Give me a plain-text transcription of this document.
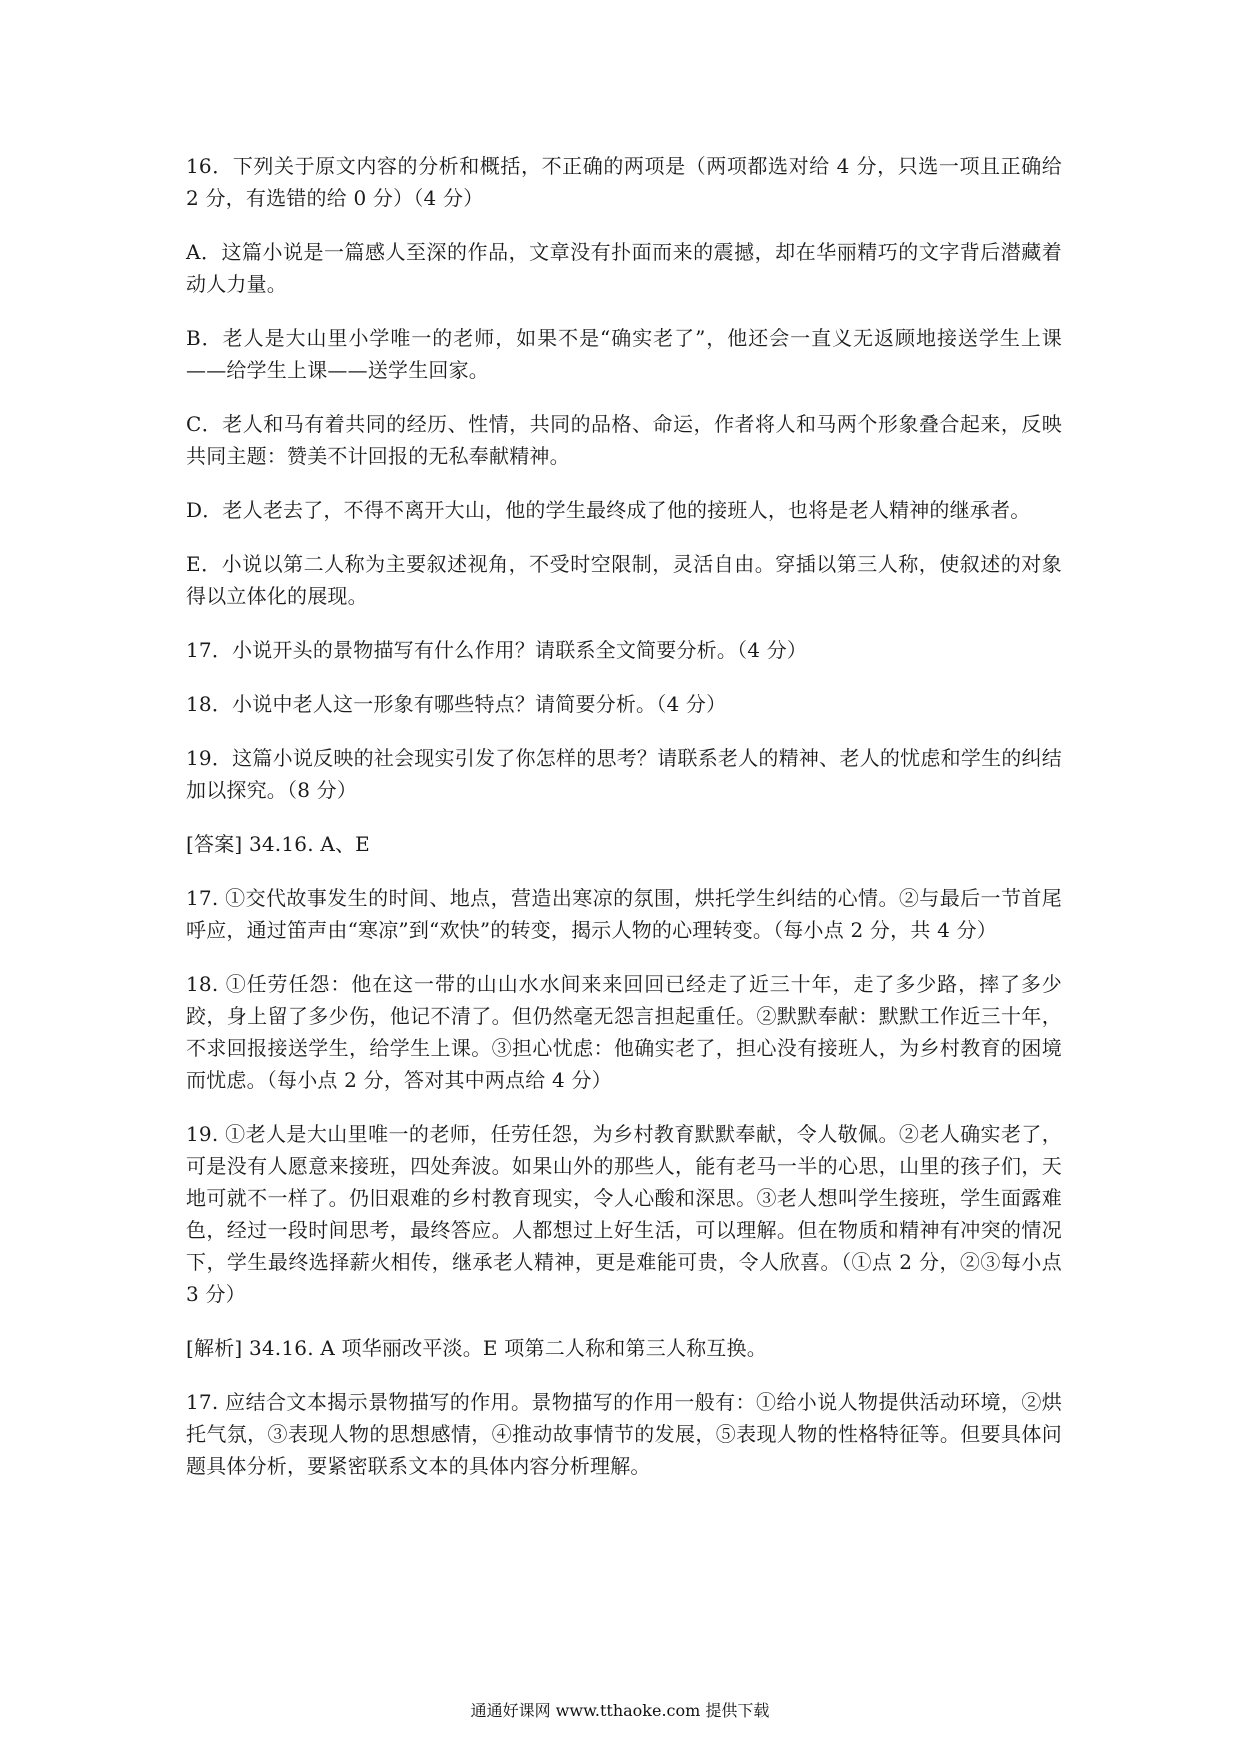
16．下列关于原文内容的分析和概括，不正确的两项是（两项都选对给 4 分，只选一项且正确给 2 分，有选错的给 0 分）（4 分）

A．这篇小说是一篇感人至深的作品，文章没有扑面而来的震撼，却在华丽精巧的文字背后潜藏着动人力量。

B．老人是大山里小学唯一的老师，如果不是“确实老了”，他还会一直义无返顾地接送学生上课——给学生上课——送学生回家。

C．老人和马有着共同的经历、性情，共同的品格、命运，作者将人和马两个形象叠合起来，反映共同主题：赞美不计回报的无私奉献精神。

D．老人老去了，不得不离开大山，他的学生最终成了他的接班人，也将是老人精神的继承者。

E．小说以第二人称为主要叙述视角，不受时空限制，灵活自由。穿插以第三人称，使叙述的对象得以立体化的展现。

17．小说开头的景物描写有什么作用？请联系全文简要分析。（4 分）

18．小说中老人这一形象有哪些特点？请简要分析。（4 分）

19．这篇小说反映的社会现实引发了你怎样的思考？请联系老人的精神、老人的忧虑和学生的纠结加以探究。（8 分）

[答案] 34.16. A、E

17. ①交代故事发生的时间、地点，营造出寒凉的氛围，烘托学生纠结的心情。②与最后一节首尾呼应，通过笛声由“寒凉”到“欢快”的转变，揭示人物的心理转变。（每小点 2 分，共 4 分）

18. ①任劳任怨：他在这一带的山山水水间来来回回已经走了近三十年，走了多少路，摔了多少跤，身上留了多少伤，他记不清了。但仍然毫无怨言担起重任。②默默奉献：默默工作近三十年，不求回报接送学生，给学生上课。③担心忧虑：他确实老了，担心没有接班人，为乡村教育的困境而忧虑。（每小点 2 分，答对其中两点给 4 分）

19. ①老人是大山里唯一的老师，任劳任怨，为乡村教育默默奉献，令人敬佩。②老人确实老了，可是没有人愿意来接班，四处奔波。如果山外的那些人，能有老马一半的心思，山里的孩子们，天地可就不一样了。仍旧艰难的乡村教育现实，令人心酸和深思。③老人想叫学生接班，学生面露难色，经过一段时间思考，最终答应。人都想过上好生活，可以理解。但在物质和精神有冲突的情况下，学生最终选择薪火相传，继承老人精神，更是难能可贵，令人欣喜。（①点 2 分，②③每小点 3 分）

[解析] 34.16. A 项华丽改平淡。E 项第二人称和第三人称互换。

17. 应结合文本揭示景物描写的作用。景物描写的作用一般有：①给小说人物提供活动环境，②烘托气氛，③表现人物的思想感情，④推动故事情节的发展，⑤表现人物的性格特征等。但要具体问题具体分析，要紧密联系文本的具体内容分析理解。

通通好课网 www.tthaoke.com 提供下载
